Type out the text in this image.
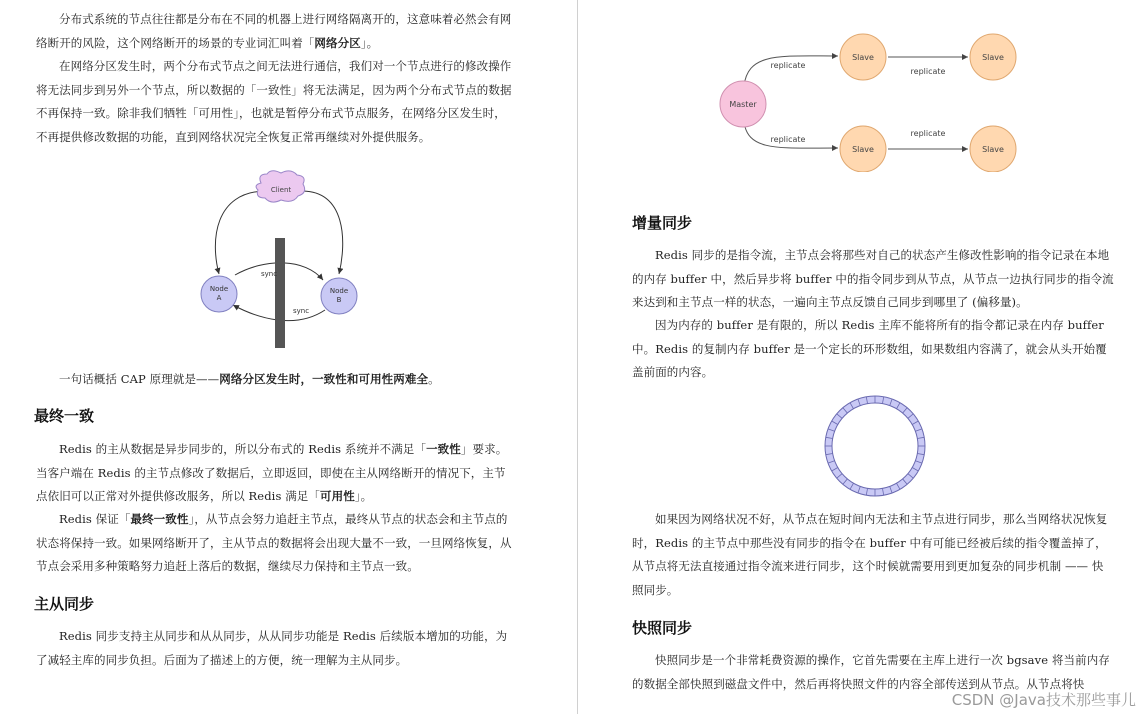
分布式系统的节点往往都是分布在不同的机器上进行网络隔离开的，这意味着必然会有网络断开的风险，这个网络断开的场景的专业词汇叫着「网络分区」。

在网络分区发生时，两个分布式节点之间无法进行通信，我们对一个节点进行的修改操作将无法同步到另外一个节点，所以数据的「一致性」将无法满足，因为两个分布式节点的数据不再保持一致。除非我们牺牲「可用性」，也就是暂停分布式节点服务，在网络分区发生时，不再提供修改数据的功能，直到网络状况完全恢复正常再继续对外提供服务。

Client
Node
A
Node
B
sync
sync

一句话概括 CAP 原理就是——网络分区发生时，一致性和可用性两难全。

最终一致

Redis 的主从数据是异步同步的，所以分布式的 Redis 系统并不满足「一致性」要求。当客户端在 Redis 的主节点修改了数据后，立即返回，即使在主从网络断开的情况下，主节点依旧可以正常对外提供修改服务，所以 Redis 满足「可用性」。

Redis 保证「最终一致性」，从节点会努力追赶主节点，最终从节点的状态会和主节点的状态将保持一致。如果网络断开了，主从节点的数据将会出现大量不一致，一旦网络恢复，从节点会采用多种策略努力追赶上落后的数据，继续尽力保持和主节点一致。

主从同步

Redis 同步支持主从同步和从从同步，从从同步功能是 Redis 后续版本增加的功能，为了减轻主库的同步负担。后面为了描述上的方便，统一理解为主从同步。

Master
Slave	Slave
Slave	Slave
replicate
replicate
replicate
replicate
增量同步

Redis 同步的是指令流，主节点会将那些对自己的状态产生修改性影响的指令记录在本地的内存 buffer 中，然后异步将 buffer 中的指令同步到从节点，从节点一边执行同步的指令流来达到和主节点一样的状态，一遍向主节点反馈自己同步到哪里了 (偏移量)。

因为内存的 buffer 是有限的，所以 Redis 主库不能将所有的指令都记录在内存 buffer 中。Redis 的复制内存 buffer 是一个定长的环形数组，如果数组内容满了，就会从头开始覆盖前面的内容。

如果因为网络状况不好，从节点在短时间内无法和主节点进行同步，那么当网络状况恢复时，Redis 的主节点中那些没有同步的指令在 buffer 中有可能已经被后续的指令覆盖掉了，从节点将无法直接通过指令流来进行同步，这个时候就需要用到更加复杂的同步机制 —— 快照同步。

快照同步

快照同步是一个非常耗费资源的操作，它首先需要在主库上进行一次 bgsave 将当前内存的数据全部快照到磁盘文件中，然后再将快照文件的内容全部传送到从节点。从节点将快

CSDN @Java技术那些事儿
